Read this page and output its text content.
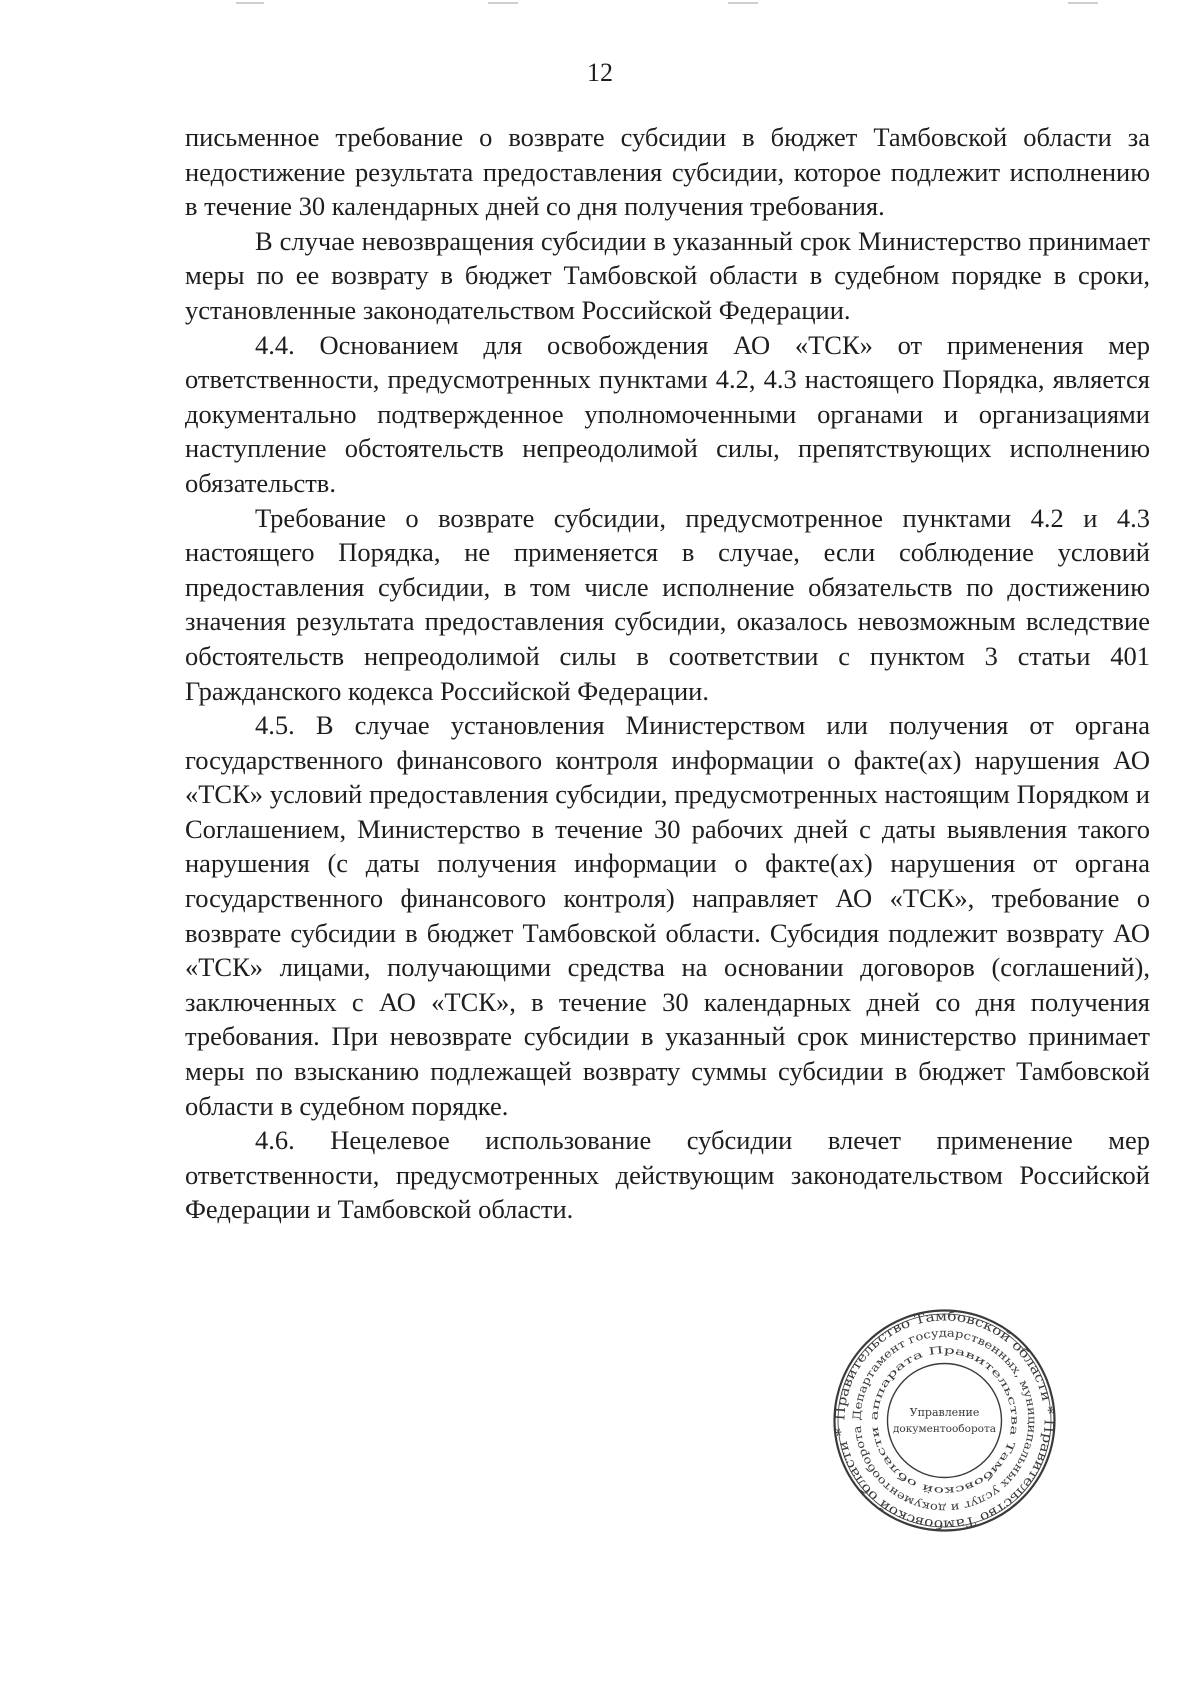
12

письменное требование о возврате субсидии в бюджет Тамбовской области за недостижение результата предоставления субсидии, которое подлежит исполнению в течение 30 календарных дней со дня получения требования.

В случае невозвращения субсидии в указанный срок Министерство принимает меры по ее возврату в бюджет Тамбовской области в судебном порядке в сроки, установленные законодательством Российской Федерации.

4.4. Основанием для освобождения АО «ТСК» от применения мер ответственности, предусмотренных пунктами 4.2, 4.3 настоящего Порядка, является документально подтвержденное уполномоченными органами и организациями наступление обстоятельств непреодолимой силы, препятствующих исполнению обязательств.

Требование о возврате субсидии, предусмотренное пунктами 4.2 и 4.3 настоящего Порядка, не применяется в случае, если соблюдение условий предоставления субсидии, в том числе исполнение обязательств по достижению значения результата предоставления субсидии, оказалось невозможным вследствие обстоятельств непреодолимой силы в соответствии с пунктом 3 статьи 401 Гражданского кодекса Российской Федерации.

4.5. В случае установления Министерством или получения от органа государственного финансового контроля информации о факте(ах) нарушения АО «ТСК» условий предоставления субсидии, предусмотренных настоящим Порядком и Соглашением, Министерство в течение 30 рабочих дней с даты выявления такого нарушения (с даты получения информации о факте(ах) нарушения от органа государственного финансового контроля) направляет АО «ТСК», требование о возврате субсидии в бюджет Тамбовской области. Субсидия подлежит возврату АО «ТСК» лицами, получающими средства на основании договоров (соглашений), заключенных с АО «ТСК», в течение 30 календарных дней со дня получения требования. При невозврате субсидии в указанный срок министерство принимает меры по взысканию подлежащей возврату суммы субсидии в бюджет Тамбовской области в судебном порядке.

4.6. Нецелевое использование субсидии влечет применение мер ответственности, предусмотренных действующим законодательством Российской Федерации и Тамбовской области.

Правительство Тамбовской области * Правительство Тамбовской области *
Департамент государственных, муниципальных услуг и документооборота
аппарата Правительства Тамбовской области
Управление
документооборота
